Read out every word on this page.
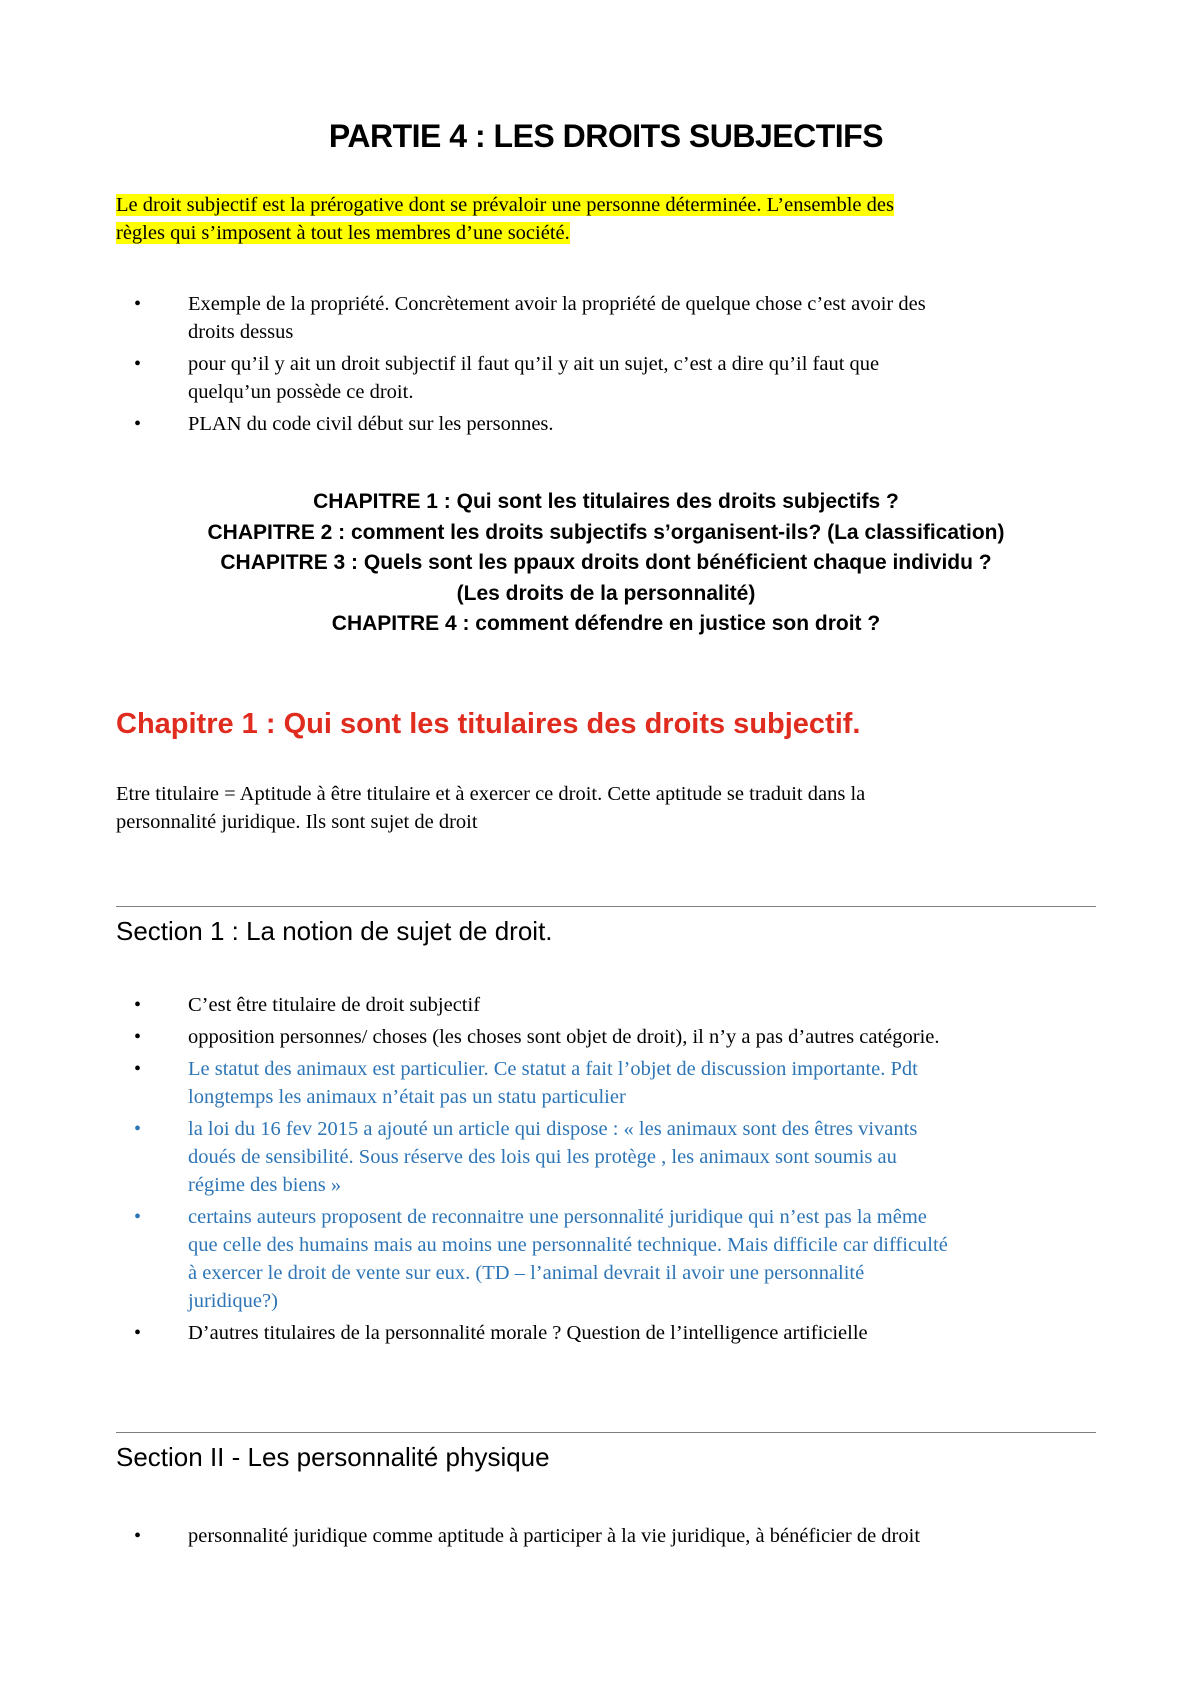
PARTIE 4 : LES DROITS SUBJECTIFS
Le droit subjectif est la prérogative dont se prévaloir une personne déterminée. L’ensemble des
règles qui s’imposent à tout les membres d’une société.
• Exemple de la propriété. Concrètement avoir la propriété de quelque chose c’est avoir des
droits dessus
• pour qu’il y ait un droit subjectif il faut qu’il y ait un sujet, c’est a dire qu’il faut que
quelqu’un possède ce droit.
• PLAN du code civil début sur les personnes.
CHAPITRE 1 : Qui sont les titulaires des droits subjectifs ?
CHAPITRE 2 : comment les droits subjectifs s’organisent-ils? (La classification)
CHAPITRE 3 : Quels sont les ppaux droits dont bénéficient chaque individu ?
(Les droits de la personnalité)
CHAPITRE 4 : comment défendre en justice son droit ?
Chapitre 1 : Qui sont les titulaires des droits subjectif.
Etre titulaire = Aptitude à être titulaire et à exercer ce droit. Cette aptitude se traduit dans la
personnalité juridique. Ils sont sujet de droit
Section 1 : La notion de sujet de droit.
• C’est être titulaire de droit subjectif
• opposition personnes/ choses (les choses sont objet de droit), il n’y a pas d’autres catégorie.
• Le statut des animaux est particulier. Ce statut a fait l’objet de discussion importante. Pdt
longtemps les animaux n’était pas un statu particulier
• la loi du 16 fev 2015 a ajouté un article qui dispose : « les animaux sont des êtres vivants
doués de sensibilité. Sous réserve des lois qui les protège , les animaux sont soumis au
régime des biens »
• certains auteurs proposent de reconnaitre une personnalité juridique qui n’est pas la même
que celle des humains mais au moins une personnalité technique. Mais difficile car difficulté
à exercer le droit de vente sur eux. (TD – l’animal devrait il avoir une personnalité
juridique?)
• D’autres titulaires de la personnalité morale ? Question de l’intelligence artificielle
Section II - Les personnalité physique
• personnalité juridique comme aptitude à participer à la vie juridique, à bénéficier de droit
